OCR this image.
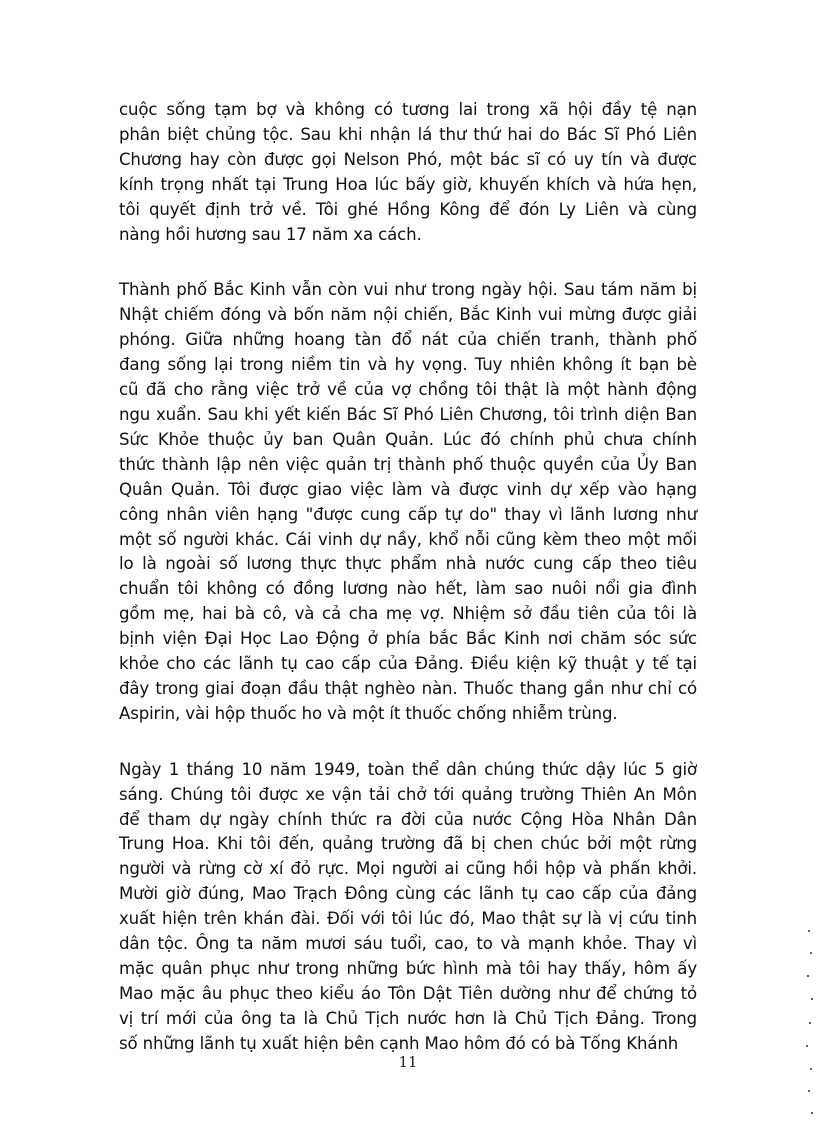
cuộc sống tạm bợ và không có tương lai trong xã hội đầy tệ nạn
phân biệt chủng tộc. Sau khi nhận lá thư thứ hai do Bác Sĩ Phó Liên
Chương hay còn được gọi Nelson Phó, một bác sĩ có uy tín và được
kính trọng nhất tại Trung Hoa lúc bấy giờ, khuyến khích và hứa hẹn,
tôi quyết định trở về. Tôi ghé Hồng Kông để đón Ly Liên và cùng
nàng hồi hương sau 17 năm xa cách.

Thành phố Bắc Kinh vẫn còn vui như trong ngày hội. Sau tám năm bị
Nhật chiếm đóng và bốn năm nội chiến, Bắc Kinh vui mừng được giải
phóng. Giữa những hoang tàn đổ nát của chiến tranh, thành phố
đang sống lại trong niềm tin và hy vọng. Tuy nhiên không ít bạn bè
cũ đã cho rằng việc trở về của vợ chồng tôi thật là một hành động
ngu xuẩn. Sau khi yết kiến Bác Sĩ Phó Liên Chương, tôi trình diện Ban
Sức Khỏe thuộc ủy ban Quân Quản. Lúc đó chính phủ chưa chính
thức thành lập nên việc quản trị thành phố thuộc quyền của Ủy Ban
Quân Quản. Tôi được giao việc làm và được vinh dự xếp vào hạng
công nhân viên hạng "được cung cấp tự do" thay vì lãnh lương như
một số người khác. Cái vinh dự nầy, khổ nỗi cũng kèm theo một mối
lo là ngoài số lương thực thực phẩm nhà nước cung cấp theo tiêu
chuẩn tôi không có đồng lương nào hết, làm sao nuôi nổi gia đình
gồm mẹ, hai bà cô, và cả cha mẹ vợ. Nhiệm sở đầu tiên của tôi là
bịnh viện Đại Học Lao Động ở phía bắc Bắc Kinh nơi chăm sóc sức
khỏe cho các lãnh tụ cao cấp của Đảng. Điều kiện kỹ thuật y tế tại
đây trong giai đoạn đầu thật nghèo nàn. Thuốc thang gần như chỉ có
Aspirin, vài hộp thuốc ho và một ít thuốc chống nhiễm trùng.

Ngày 1 tháng 10 năm 1949, toàn thể dân chúng thức dậy lúc 5 giờ
sáng. Chúng tôi được xe vận tải chở tới quảng trường Thiên An Môn
để tham dự ngày chính thức ra đời của nước Cộng Hòa Nhân Dân
Trung Hoa. Khi tôi đến, quảng trường đã bị chen chúc bởi một rừng
người và rừng cờ xí đỏ rực. Mọi người ai cũng hồi hộp và phấn khởi.
Mười giờ đúng, Mao Trạch Đông cùng các lãnh tụ cao cấp của đảng
xuất hiện trên khán đài. Đối với tôi lúc đó, Mao thật sự là vị cứu tinh
dân tộc. Ông ta năm mươi sáu tuổi, cao, to và mạnh khỏe. Thay vì
mặc quân phục như trong những bức hình mà tôi hay thấy, hôm ấy
Mao mặc âu phục theo kiểu áo Tôn Dật Tiên dường như để chứng tỏ
vị trí mới của ông ta là Chủ Tịch nước hơn là Chủ Tịch Đảng. Trong
số những lãnh tụ xuất hiện bên cạnh Mao hôm đó có bà Tống Khánh

11
